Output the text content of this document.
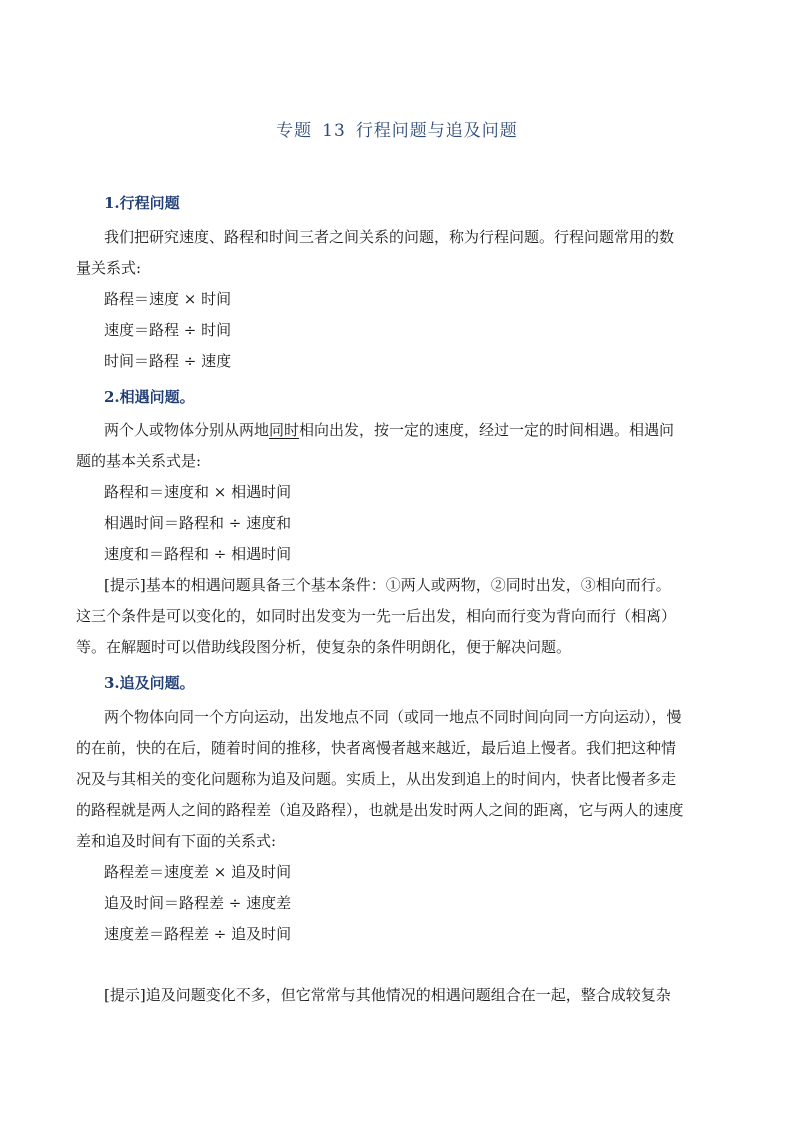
专题 13 行程问题与追及问题
1.行程问题
我们把研究速度、路程和时间三者之间关系的问题，称为行程问题。行程问题常用的数
量关系式:
路程＝速度 × 时间
速度＝路程 ÷ 时间
时间＝路程 ÷ 速度
2.相遇问题。
两个人或物体分别从两地同时相向出发，按一定的速度，经过一定的时间相遇。相遇问
题的基本关系式是:
路程和＝速度和 × 相遇时间
相遇时间＝路程和 ÷ 速度和
速度和＝路程和 ÷ 相遇时间
[提示]基本的相遇问题具备三个基本条件：①两人或两物，②同时出发，③相向而行。
这三个条件是可以变化的，如同时出发变为一先一后出发，相向而行变为背向而行（相离）
等。在解题时可以借助线段图分析，使复杂的条件明朗化，便于解决问题。
3.追及问题。
两个物体向同一个方向运动，出发地点不同（或同一地点不同时间向同一方向运动），慢
的在前，快的在后，随着时间的推移，快者离慢者越来越近，最后追上慢者。我们把这种情
况及与其相关的变化问题称为追及问题。实质上，从出发到追上的时间内，快者比慢者多走
的路程就是两人之间的路程差（追及路程），也就是出发时两人之间的距离，它与两人的速度
差和追及时间有下面的关系式:
路程差＝速度差 × 追及时间
追及时间＝路程差 ÷ 速度差
速度差＝路程差 ÷ 追及时间
[提示]追及问题变化不多，但它常常与其他情况的相遇问题组合在一起，整合成较复杂
